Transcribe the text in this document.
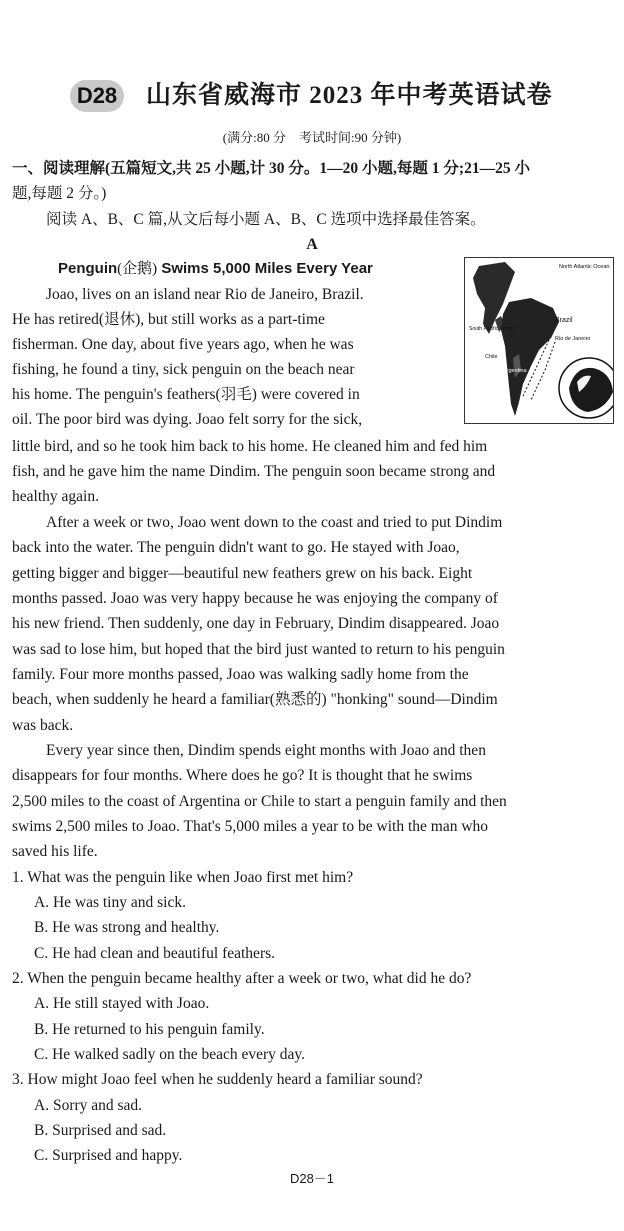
D28 山东省威海市 2023 年中考英语试卷
(满分:80 分　考试时间:90 分钟)
一、阅读理解(五篇短文,共 25 小题,计 30 分。1—20 小题,每题 1 分;21—25 小
题,每题 2 分。)
阅读 A、B、C 篇,从文后每小题 A、B、C 选项中选择最佳答案。
A
Penguin(企鹅) Swims 5,000 Miles Every Year
Joao, lives on an island near Rio de Janeiro, Brazil.
He has retired(退休), but still works as a part-time
fisherman. One day, about five years ago, when he was
fishing, he found a tiny, sick penguin on the beach near
his home. The penguin's feathers(羽毛) were covered in
oil. The poor bird was dying. Joao felt sorry for the sick,
little bird, and so he took him back to his home. He cleaned him and fed him
fish, and he gave him the name Dindim. The penguin soon became strong and
healthy again.
After a week or two, Joao went down to the coast and tried to put Dindim
back into the water. The penguin didn't want to go. He stayed with Joao,
getting bigger and bigger—beautiful new feathers grew on his back. Eight
months passed. Joao was very happy because he was enjoying the company of
his new friend. Then suddenly, one day in February, Dindim disappeared. Joao
was sad to lose him, but hoped that the bird just wanted to return to his penguin
family. Four more months passed, Joao was walking sadly home from the
beach, when suddenly he heard a familiar(熟悉的) "honking" sound—Dindim
was back.
Every year since then, Dindim spends eight months with Joao and then
disappears for four months. Where does he go? It is thought that he swims
2,500 miles to the coast of Argentina or Chile to start a penguin family and then
swims 2,500 miles to Joao. That's 5,000 miles a year to be with the man who
saved his life.
North Atlantic Ocean
Brazil
South Pacific Ocean
Rio de Janeiro
Chile
Argentina
1. What was the penguin like when Joao first met him?
A. He was tiny and sick.
B. He was strong and healthy.
C. He had clean and beautiful feathers.
2. When the penguin became healthy after a week or two, what did he do?
A. He still stayed with Joao.
B. He returned to his penguin family.
C. He walked sadly on the beach every day.
3. How might Joao feel when he suddenly heard a familiar sound?
A. Sorry and sad.
B. Surprised and sad.
C. Surprised and happy.
D28－1
